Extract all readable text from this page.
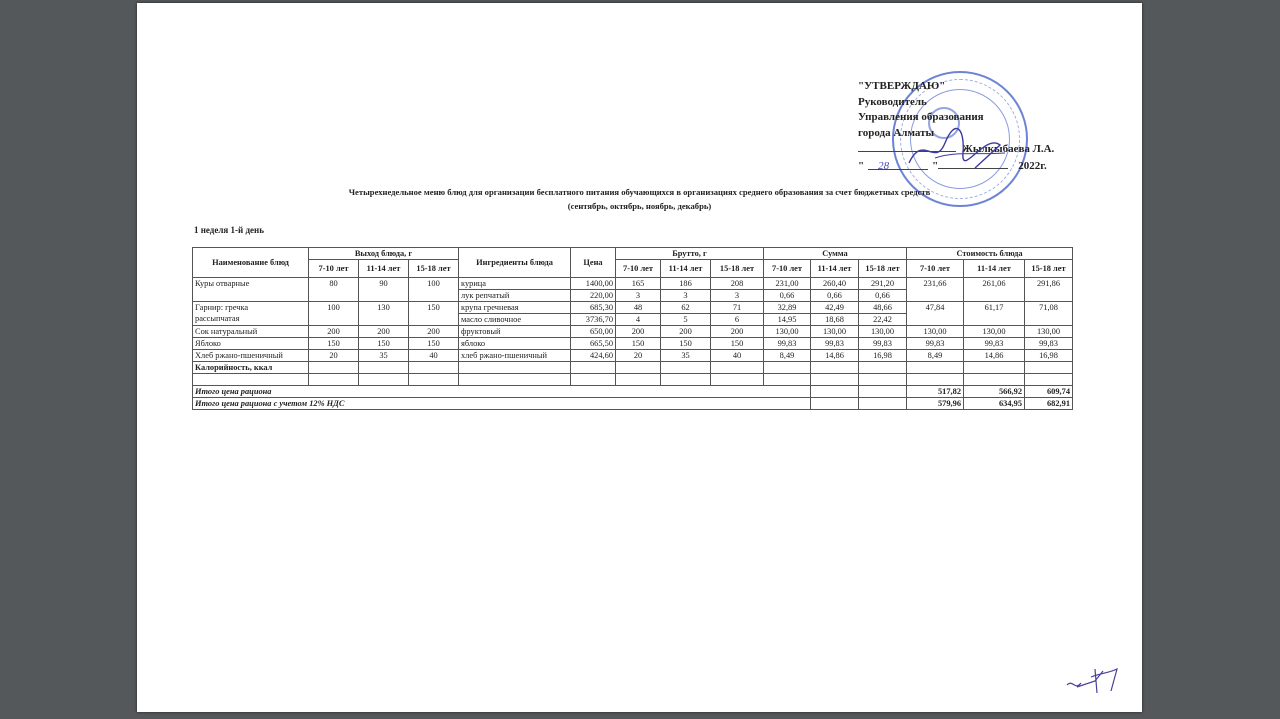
"УТВЕРЖДАЮ"
Руководитель
Управления образования
города Алматы
Жылкыбаева Л.А.
" 28	"	2022г.
Четырехнедельное меню блюд для организации бесплатного питания обучающихся в организациях среднего образования за счет бюджетных средств
(сентябрь, октябрь, ноябрь, декабрь)
1 неделя 1-й день
Наименование блюд	Выход блюда, г			Ингредиенты блюда	Цена	Брутто, г			Сумма			Стоимость блюда		
	7-10 лет	11-14 лет	15-18 лет			7-10 лет	11-14 лет	15-18 лет	7-10 лет	11-14 лет	15-18 лет	7-10 лет	11-14 лет	15-18 лет
Куры отварные	80	90	100	курица	1400,00	165	186	208	231,00	260,40	291,20	231,66	261,06	291,86
				лук репчатый	220,00	3	3	3	0,66	0,66	0,66			
Гарнир: гречка
рассыпчатая	100	130	150	крупа гречневая	685,30	48	62	71	32,89	42,49	48,66	47,84	61,17	71,08
				масло сливочное	3736,70	4	5	6	14,95	18,68	22,42			
Сок натуральный	200	200	200	фруктовый	650,00	200	200	200	130,00	130,00	130,00	130,00	130,00	130,00
Яблоко	150	150	150	яблоко	665,50	150	150	150	99,83	99,83	99,83	99,83	99,83	99,83
Хлеб ржано-пшеничный	20	35	40	хлеб ржано-пшеничный	424,60	20	35	40	8,49	14,86	16,98	8,49	14,86	16,98
Калорийность, ккал														

Итого цена рациона												517,82	566,92	609,74
Итого цена рациона с учетом 12% НДС												579,96	634,95	682,91
